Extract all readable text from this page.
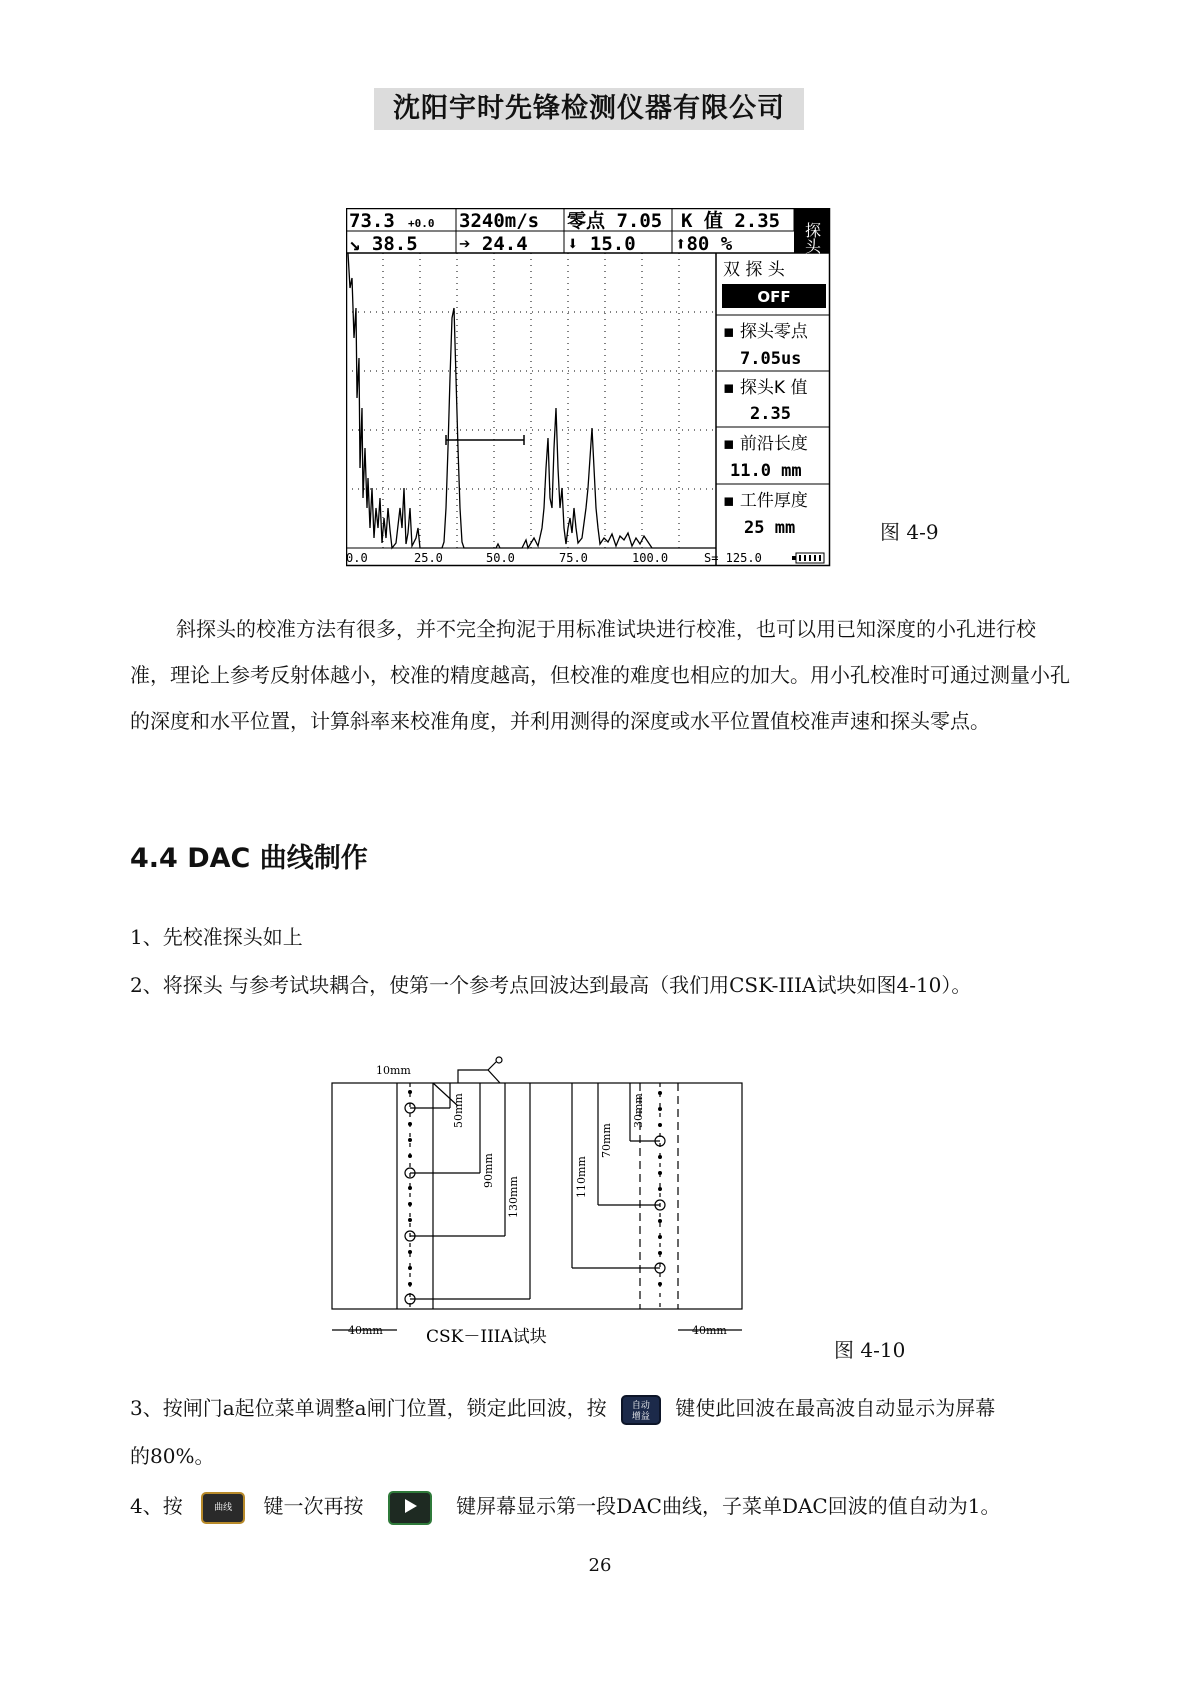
沈阳宇时先锋检测仪器有限公司
73.3 +0.0 3240m/s 零点 7.05 K 值 2.35
↘ 38.5 ➔ 24.4 ⬇ 15.0 ⬆80 %	探头
双 探 头
OFF
▪ 探头零点
7.05us
▪ 探头K 值
2.35
▪ 前沿长度
11.0 mm
▪ 工件厚度
25 mm
0.0	25.0	50.0	75.0	100.0	S= 125.0
图 4-9
斜探头的校准方法有很多，并不完全拘泥于用标准试块进行校准，也可以用已知深度的小孔进行校准，理论上参考反射体越小，校准的精度越高，但校准的难度也相应的加大。用小孔校准时可通过测量小孔的深度和水平位置，计算斜率来校准角度，并利用测得的深度或水平位置值校准声速和探头零点。
4.4 DAC 曲线制作
1、先校准探头如上
2、将探头 与参考试块耦合，使第一个参考点回波达到最高（我们用CSK-IIIA试块如图4-10）。
10mm
50mm
90mm
130mm	110mm
70mm
30mm
40mm	40mm
CSK－IIIA试块
图 4-10
3、按闸门a起位菜单调整a闸门位置，锁定此回波，按	自动
增益 键使此回波在最高波自动显示为屏幕
的80%。
4、按	曲线 键一次再按	键屏幕显示第一段DAC曲线，子菜单DAC回波的值自动为1。
26
